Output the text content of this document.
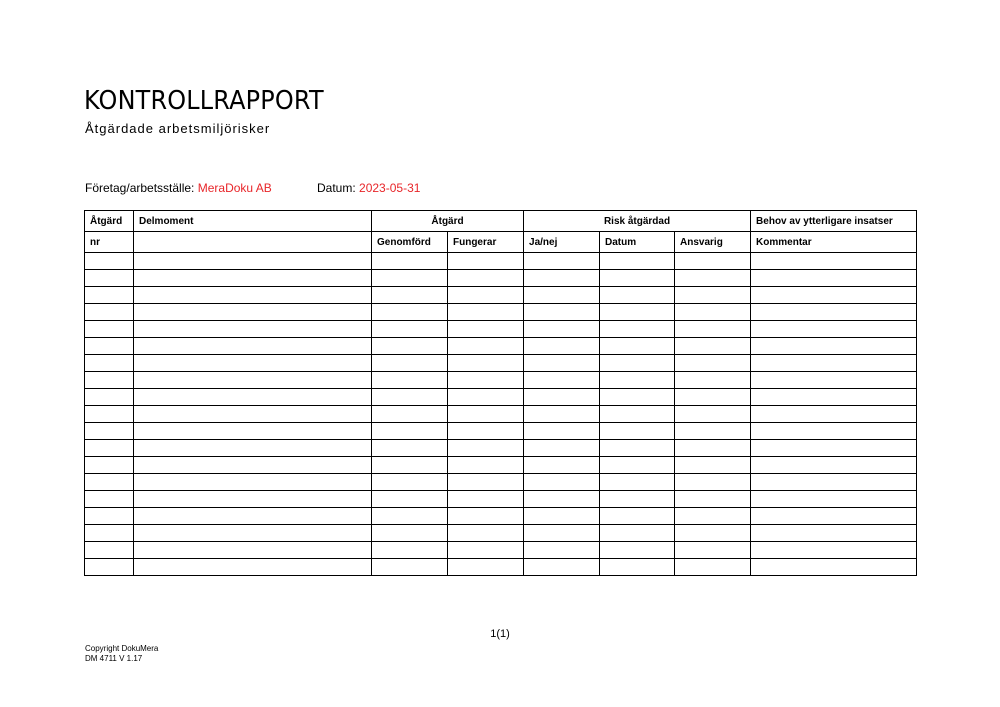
KONTROLLRAPPORT
Åtgärdade arbetsmiljörisker
Företag/arbetsställe: MeraDoku AB	Datum: 2023-05-31
Åtgärd	Delmoment	Åtgärd		Risk åtgärdad			Behov av ytterligare insatser
nr		Genomförd	Fungerar	Ja/nej	Datum	Ansvarig	Kommentar

1(1)
Copyright DokuMera
DM 4711 V 1.17
